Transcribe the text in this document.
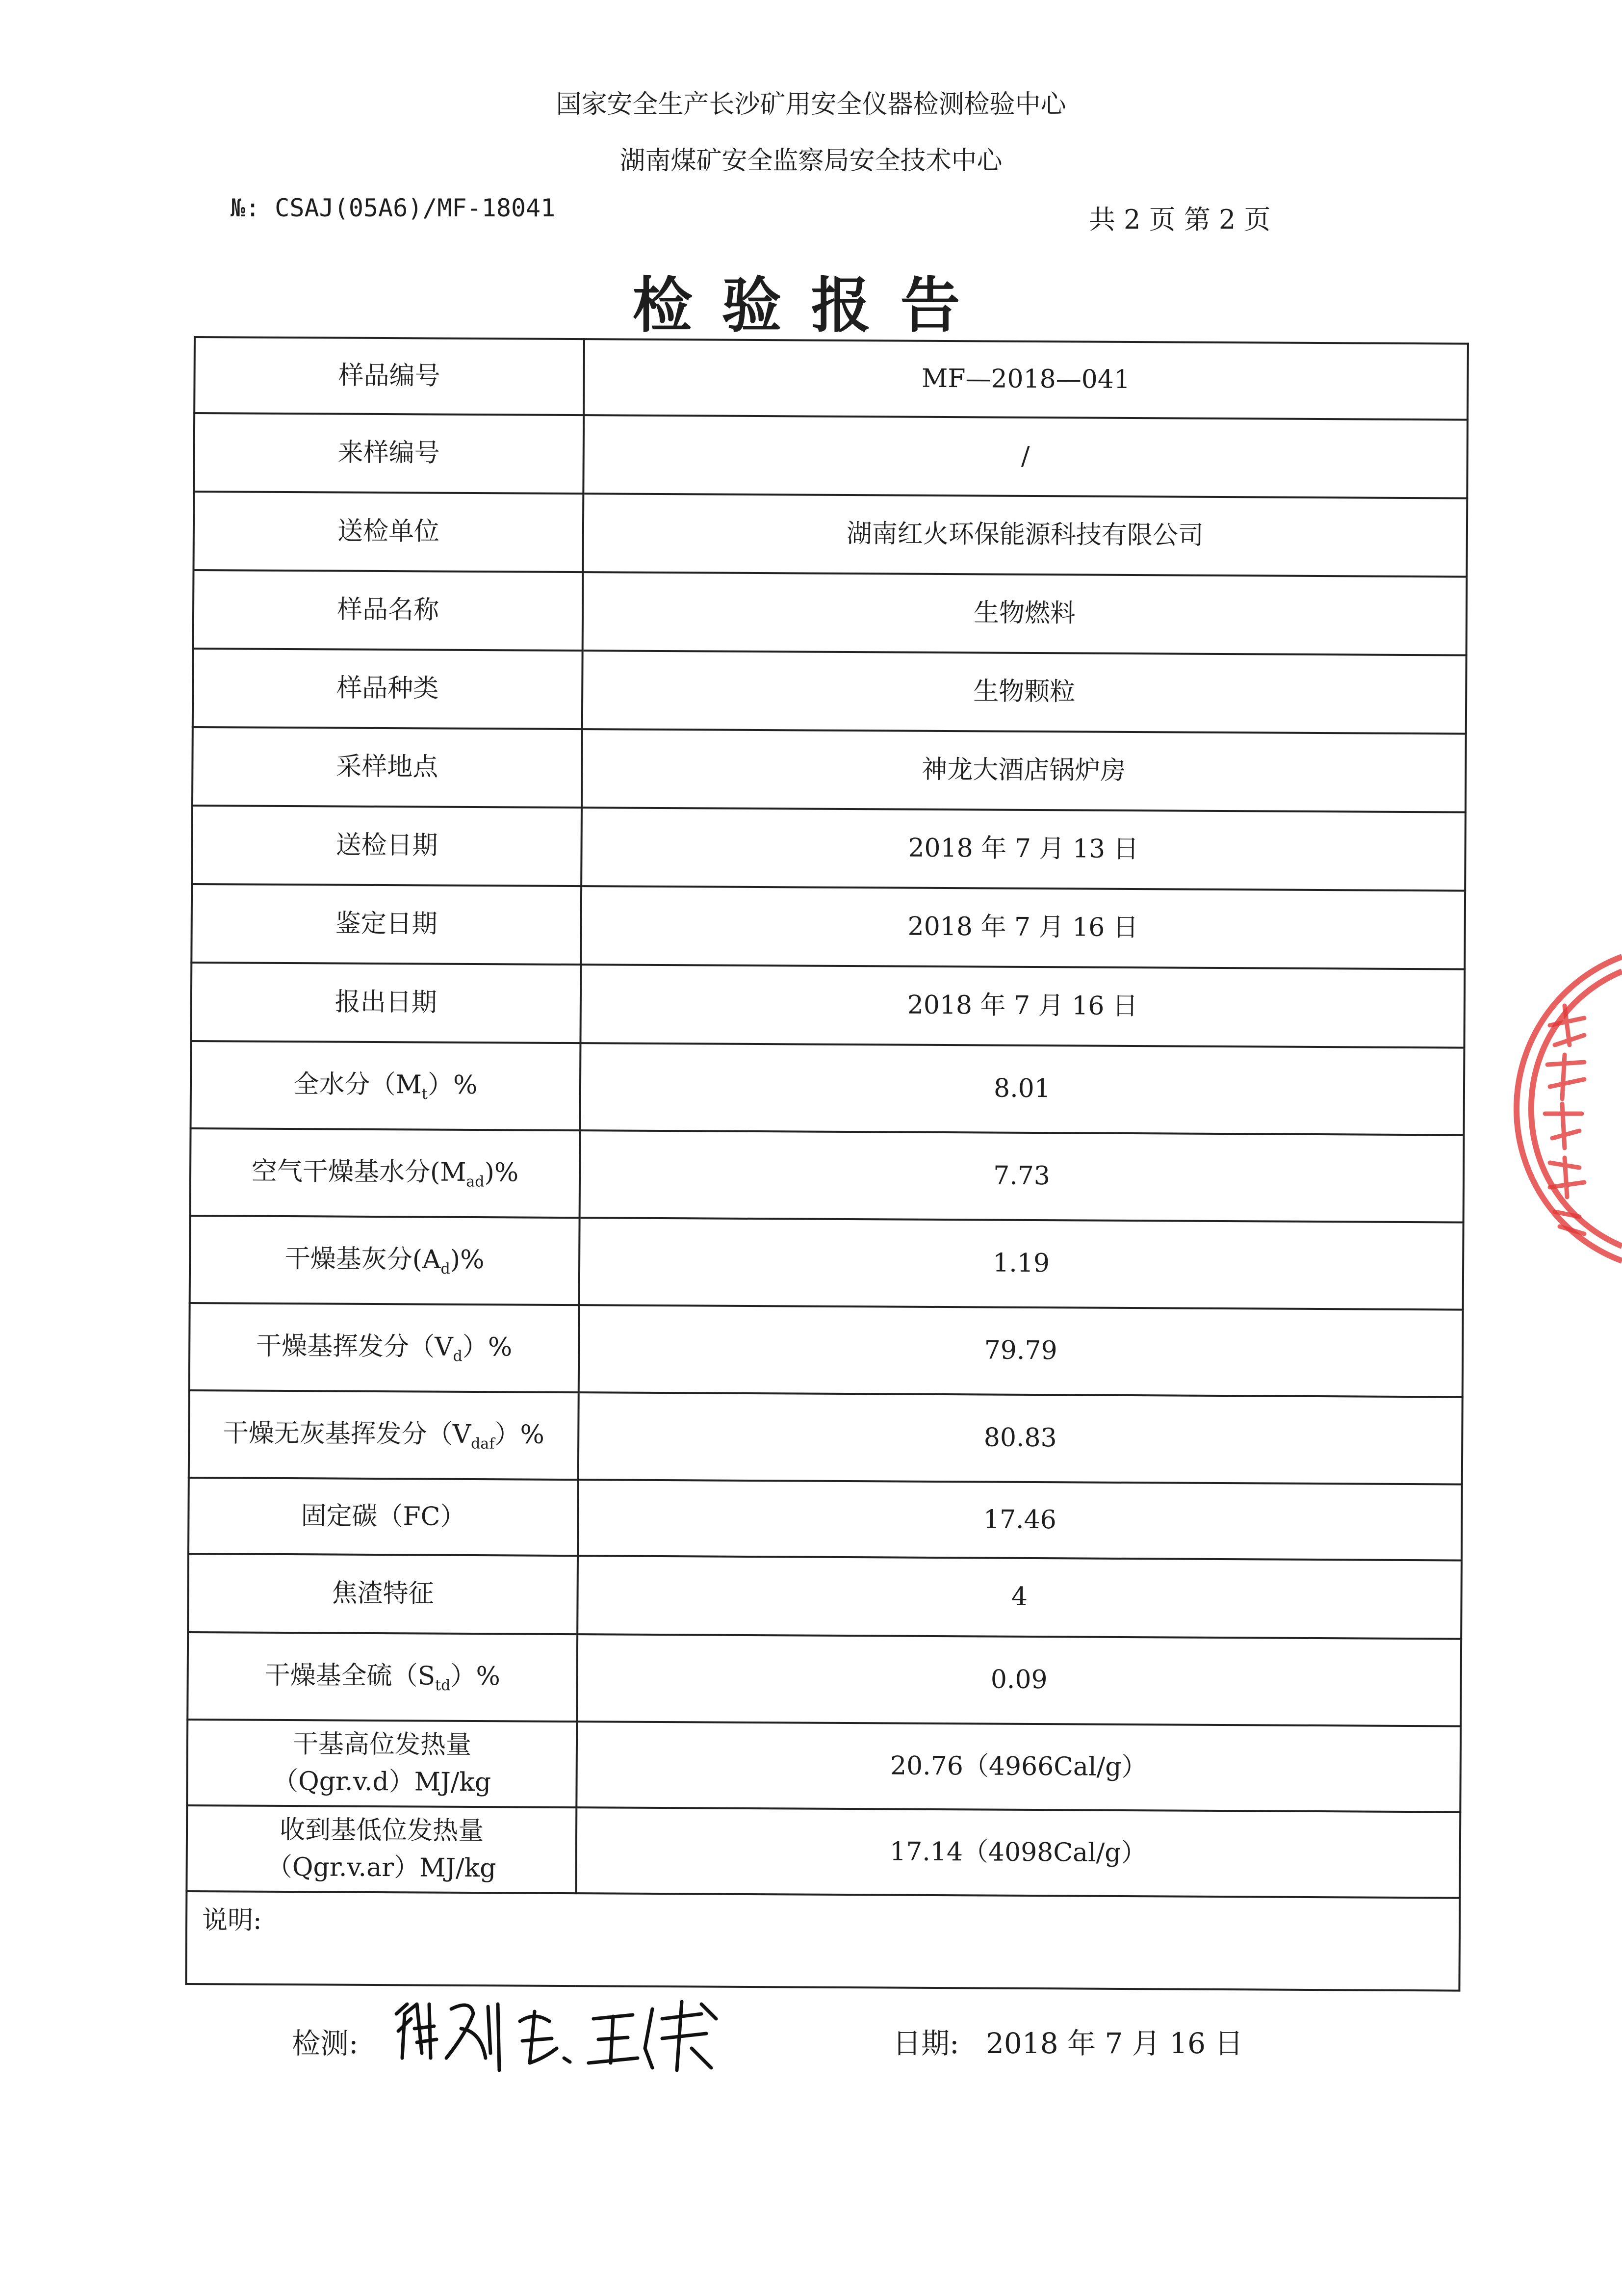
国家安全生产长沙矿用安全仪器检测检验中心
湖南煤矿安全监察局安全技术中心
№: CSAJ(05A6)/MF-18041	共 2 页 第 2 页
检验报告
样品编号	MF—2018—041
来样编号	/
送检单位	湖南红火环保能源科技有限公司
样品名称	生物燃料
样品种类	生物颗粒
采样地点	神龙大酒店锅炉房
送检日期	2018 年 7 月 13 日
鉴定日期	2018 年 7 月 16 日
报出日期	2018 年 7 月 16 日
全水分$(M_t)\%$	8.01
空气干燥基水分$(M_{ad})\%$	7.73
干燥基灰分$(A_d)\%$	1.19
干燥基挥发分$(V_d)\%$	79.79
干燥无灰基挥发分$(V_{daf})\%$	80.83
固定碳（FC）	17.46
焦渣特征	4
干燥基全硫$(S_{td})\%$	0.09

干基高位发热量
（Qgr.v.d）MJ/kg	20.76（4966Cal/g）

收到基低位发热量
（Qgr.v.ar）MJ/kg	17.14（4098Cal/g）
说明:	
检测:	日期: 2018 年 7 月 16 日
